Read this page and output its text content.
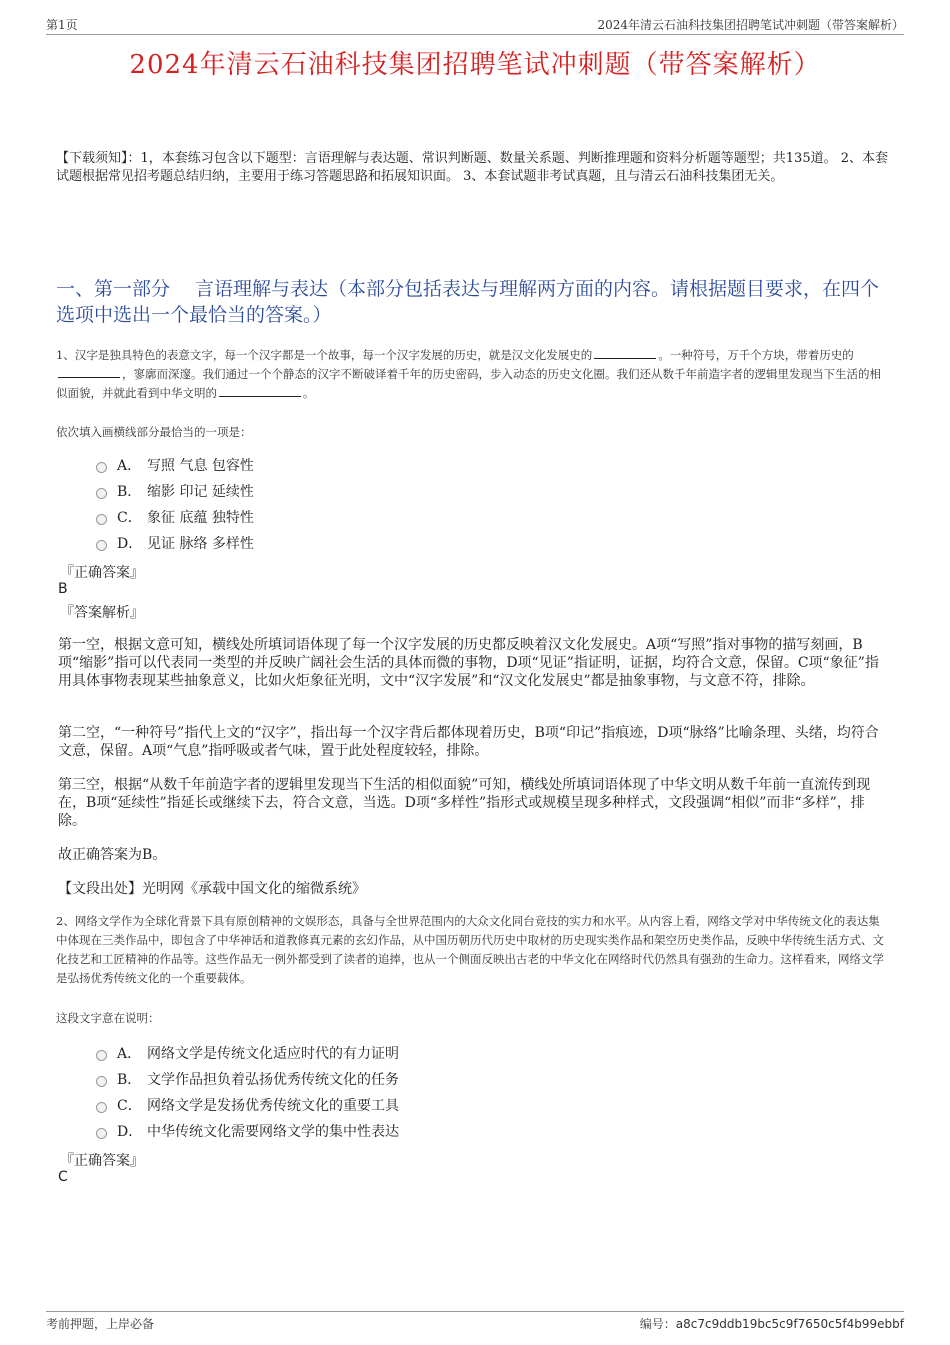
第1页	2024年清云石油科技集团招聘笔试冲刺题（带答案解析）
2024年清云石油科技集团招聘笔试冲刺题（带答案解析）
【下载须知】：1，本套练习包含以下题型：言语理解与表达题、常识判断题、数量关系题、判断推理题和资料分析题等题型；共135道。 2、本套试题根据常见招考题总结归纳，主要用于练习答题思路和拓展知识面。 3、本套试题非考试真题，且与清云石油科技集团无关。
一、第一部分　 言语理解与表达（本部分包括表达与理解两方面的内容。请根据题目要求，在四个选项中选出一个最恰当的答案。）
1、汉字是独具特色的表意文字，每一个汉字都是一个故事，每一个汉字发展的历史，就是汉文化发展史的	。一种符号，万千个方块，带着历史的，寥廓而深邃。我们通过一个个静态的汉字不断破译着千年的历史密码，步入动态的历史文化圈。我们还从数千年前造字者的逻辑里发现当下生活的相似面貌，并就此看到中华文明的	。
依次填入画横线部分最恰当的一项是：
A． 写照 气息 包容性
B． 缩影 印记 延续性
C． 象征 底蕴 独特性
D． 见证 脉络 多样性
『正确答案』
B
『答案解析』

第一空，根据文意可知，横线处所填词语体现了每一个汉字发展的历史都反映着汉文化发展史。A项“写照”指对事物的描写刻画，B项“缩影”指可以代表同一类型的并反映广阔社会生活的具体而微的事物，D项“见证”指证明，证据，均符合文意，保留。C项“象征”指用具体事物表现某些抽象意义，比如火炬象征光明，文中“汉字发展”和“汉文化发展史”都是抽象事物，与文意不符，排除。

第二空，“一种符号”指代上文的“汉字”，指出每一个汉字背后都体现着历史，B项“印记”指痕迹，D项“脉络”比喻条理、头绪，均符合文意，保留。A项“气息”指呼吸或者气味，置于此处程度较轻，排除。

第三空，根据“从数千年前造字者的逻辑里发现当下生活的相似面貌”可知，横线处所填词语体现了中华文明从数千年前一直流传到现在，B项“延续性”指延长或继续下去，符合文意，当选。D项“多样性”指形式或规模呈现多种样式，文段强调“相似”而非“多样”，排除。

故正确答案为B。

【文段出处】光明网《承载中国文化的缩微系统》

2、网络文学作为全球化背景下具有原创精神的文娱形态，具备与全世界范围内的大众文化同台竞技的实力和水平。从内容上看，网络文学对中华传统文化的表达集中体现在三类作品中，即包含了中华神话和道教修真元素的玄幻作品，从中国历朝历代历史中取材的历史现实类作品和架空历史类作品，反映中华传统生活方式、文化技艺和工匠精神的作品等。这些作品无一例外都受到了读者的追捧，也从一个侧面反映出古老的中华文化在网络时代仍然具有强劲的生命力。这样看来，网络文学是弘扬优秀传统文化的一个重要载体。
这段文字意在说明：
A． 网络文学是传统文化适应时代的有力证明
B． 文学作品担负着弘扬优秀传统文化的任务
C． 网络文学是发扬优秀传统文化的重要工具
D． 中华传统文化需要网络文学的集中性表达
『正确答案』
C
考前押题，上岸必备	编号：a8c7c9ddb19bc5c9f7650c5f4b99ebbf
